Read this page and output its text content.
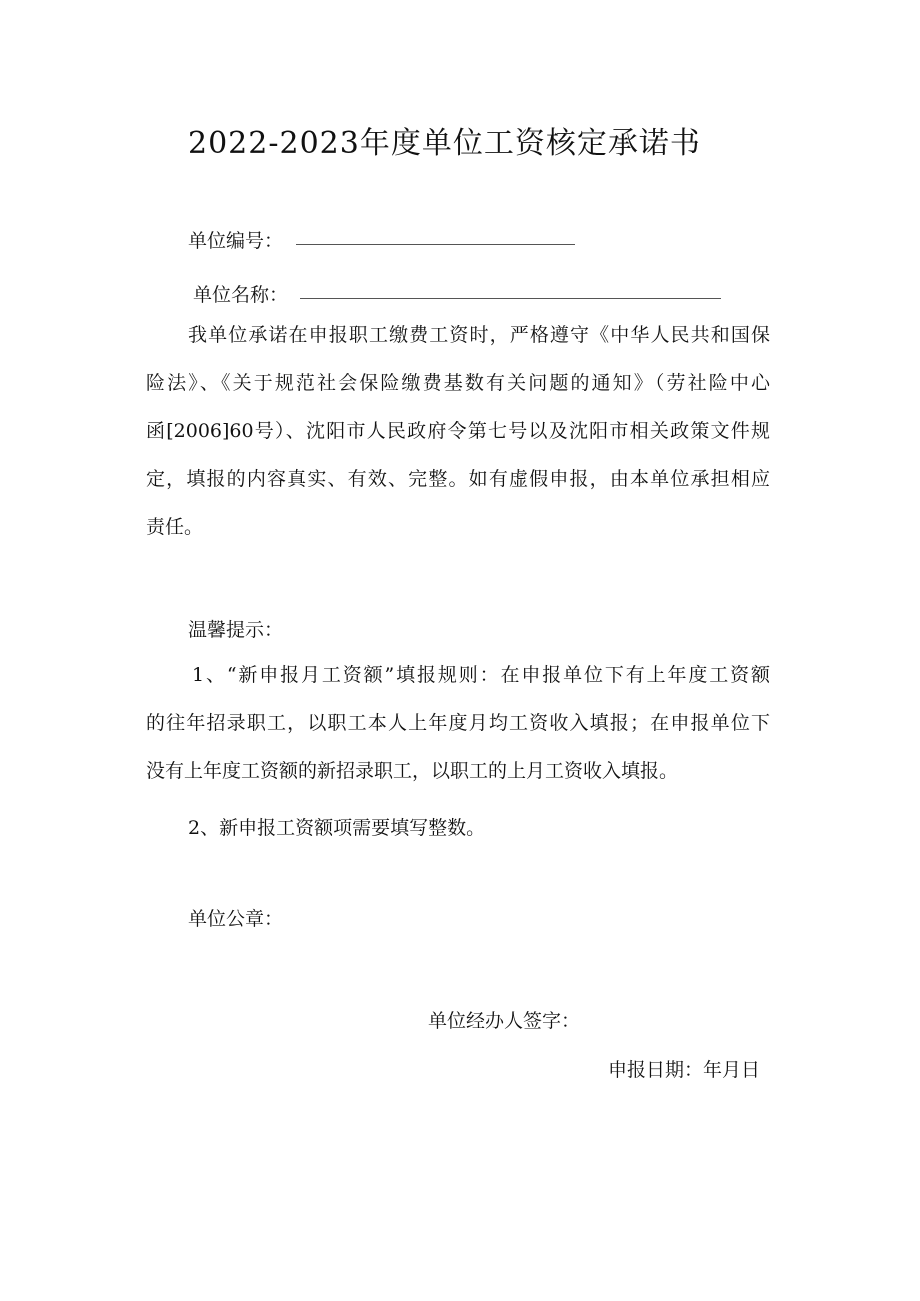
2022-2023年度单位工资核定承诺书
单位编号：
单位名称：
我单位承诺在申报职工缴费工资时，严格遵守《中华人民共和国保
险法》、《关于规范社会保险缴费基数有关问题的通知》（劳社险中心
函[2006]60号）、沈阳市人民政府令第七号以及沈阳市相关政策文件规
定，填报的内容真实、有效、完整。如有虚假申报，由本单位承担相应
责任。
温馨提示：
1、“新申报月工资额”填报规则：在申报单位下有上年度工资额
的往年招录职工，以职工本人上年度月均工资收入填报；在申报单位下
没有上年度工资额的新招录职工，以职工的上月工资收入填报。
2、新申报工资额项需要填写整数。
单位公章：
单位经办人签字：
申报日期：年月日
